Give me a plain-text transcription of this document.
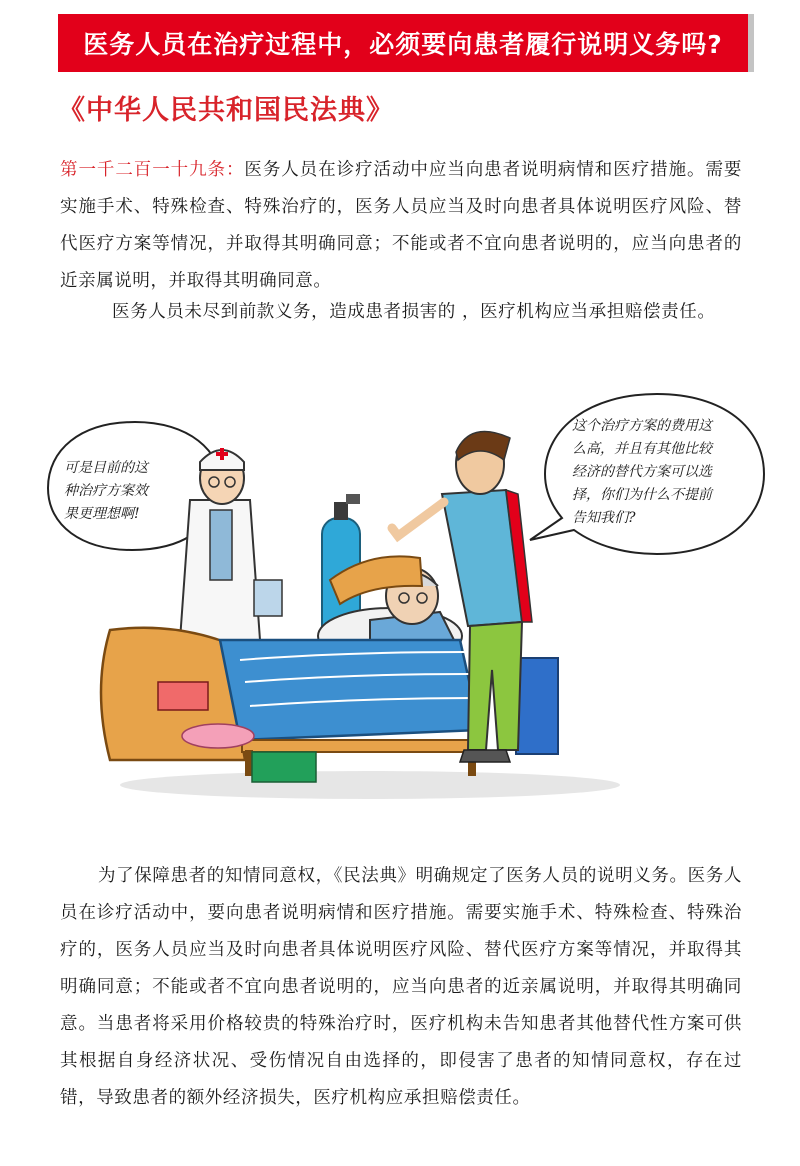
医务人员在治疗过程中，必须要向患者履行说明义务吗?
《中华人民共和国民法典》
第一千二百一十九条：医务人员在诊疗活动中应当向患者说明病情和医疗措施。需要实施手术、特殊检查、特殊治疗的，医务人员应当及时向患者具体说明医疗风险、替代医疗方案等情况，并取得其明确同意；不能或者不宜向患者说明的，应当向患者的近亲属说明，并取得其明确同意。
医务人员未尽到前款义务，造成患者损害的 ，医疗机构应当承担赔偿责任。
可是目前的这
种治疗方案效
果更理想啊!
这个治疗方案的费用这
么高，并且有其他比较
经济的替代方案可以选
择，你们为什么不提前
告知我们?
为了保障患者的知情同意权，《民法典》明确规定了医务人员的说明义务。医务人员在诊疗活动中，要向患者说明病情和医疗措施。需要实施手术、特殊检查、特殊治疗的，医务人员应当及时向患者具体说明医疗风险、替代医疗方案等情况，并取得其明确同意；不能或者不宜向患者说明的，应当向患者的近亲属说明，并取得其明确同意。当患者将采用价格较贵的特殊治疗时，医疗机构未告知患者其他替代性方案可供其根据自身经济状况、受伤情况自由选择的，即侵害了患者的知情同意权，存在过错，导致患者的额外经济损失，医疗机构应承担赔偿责任。
